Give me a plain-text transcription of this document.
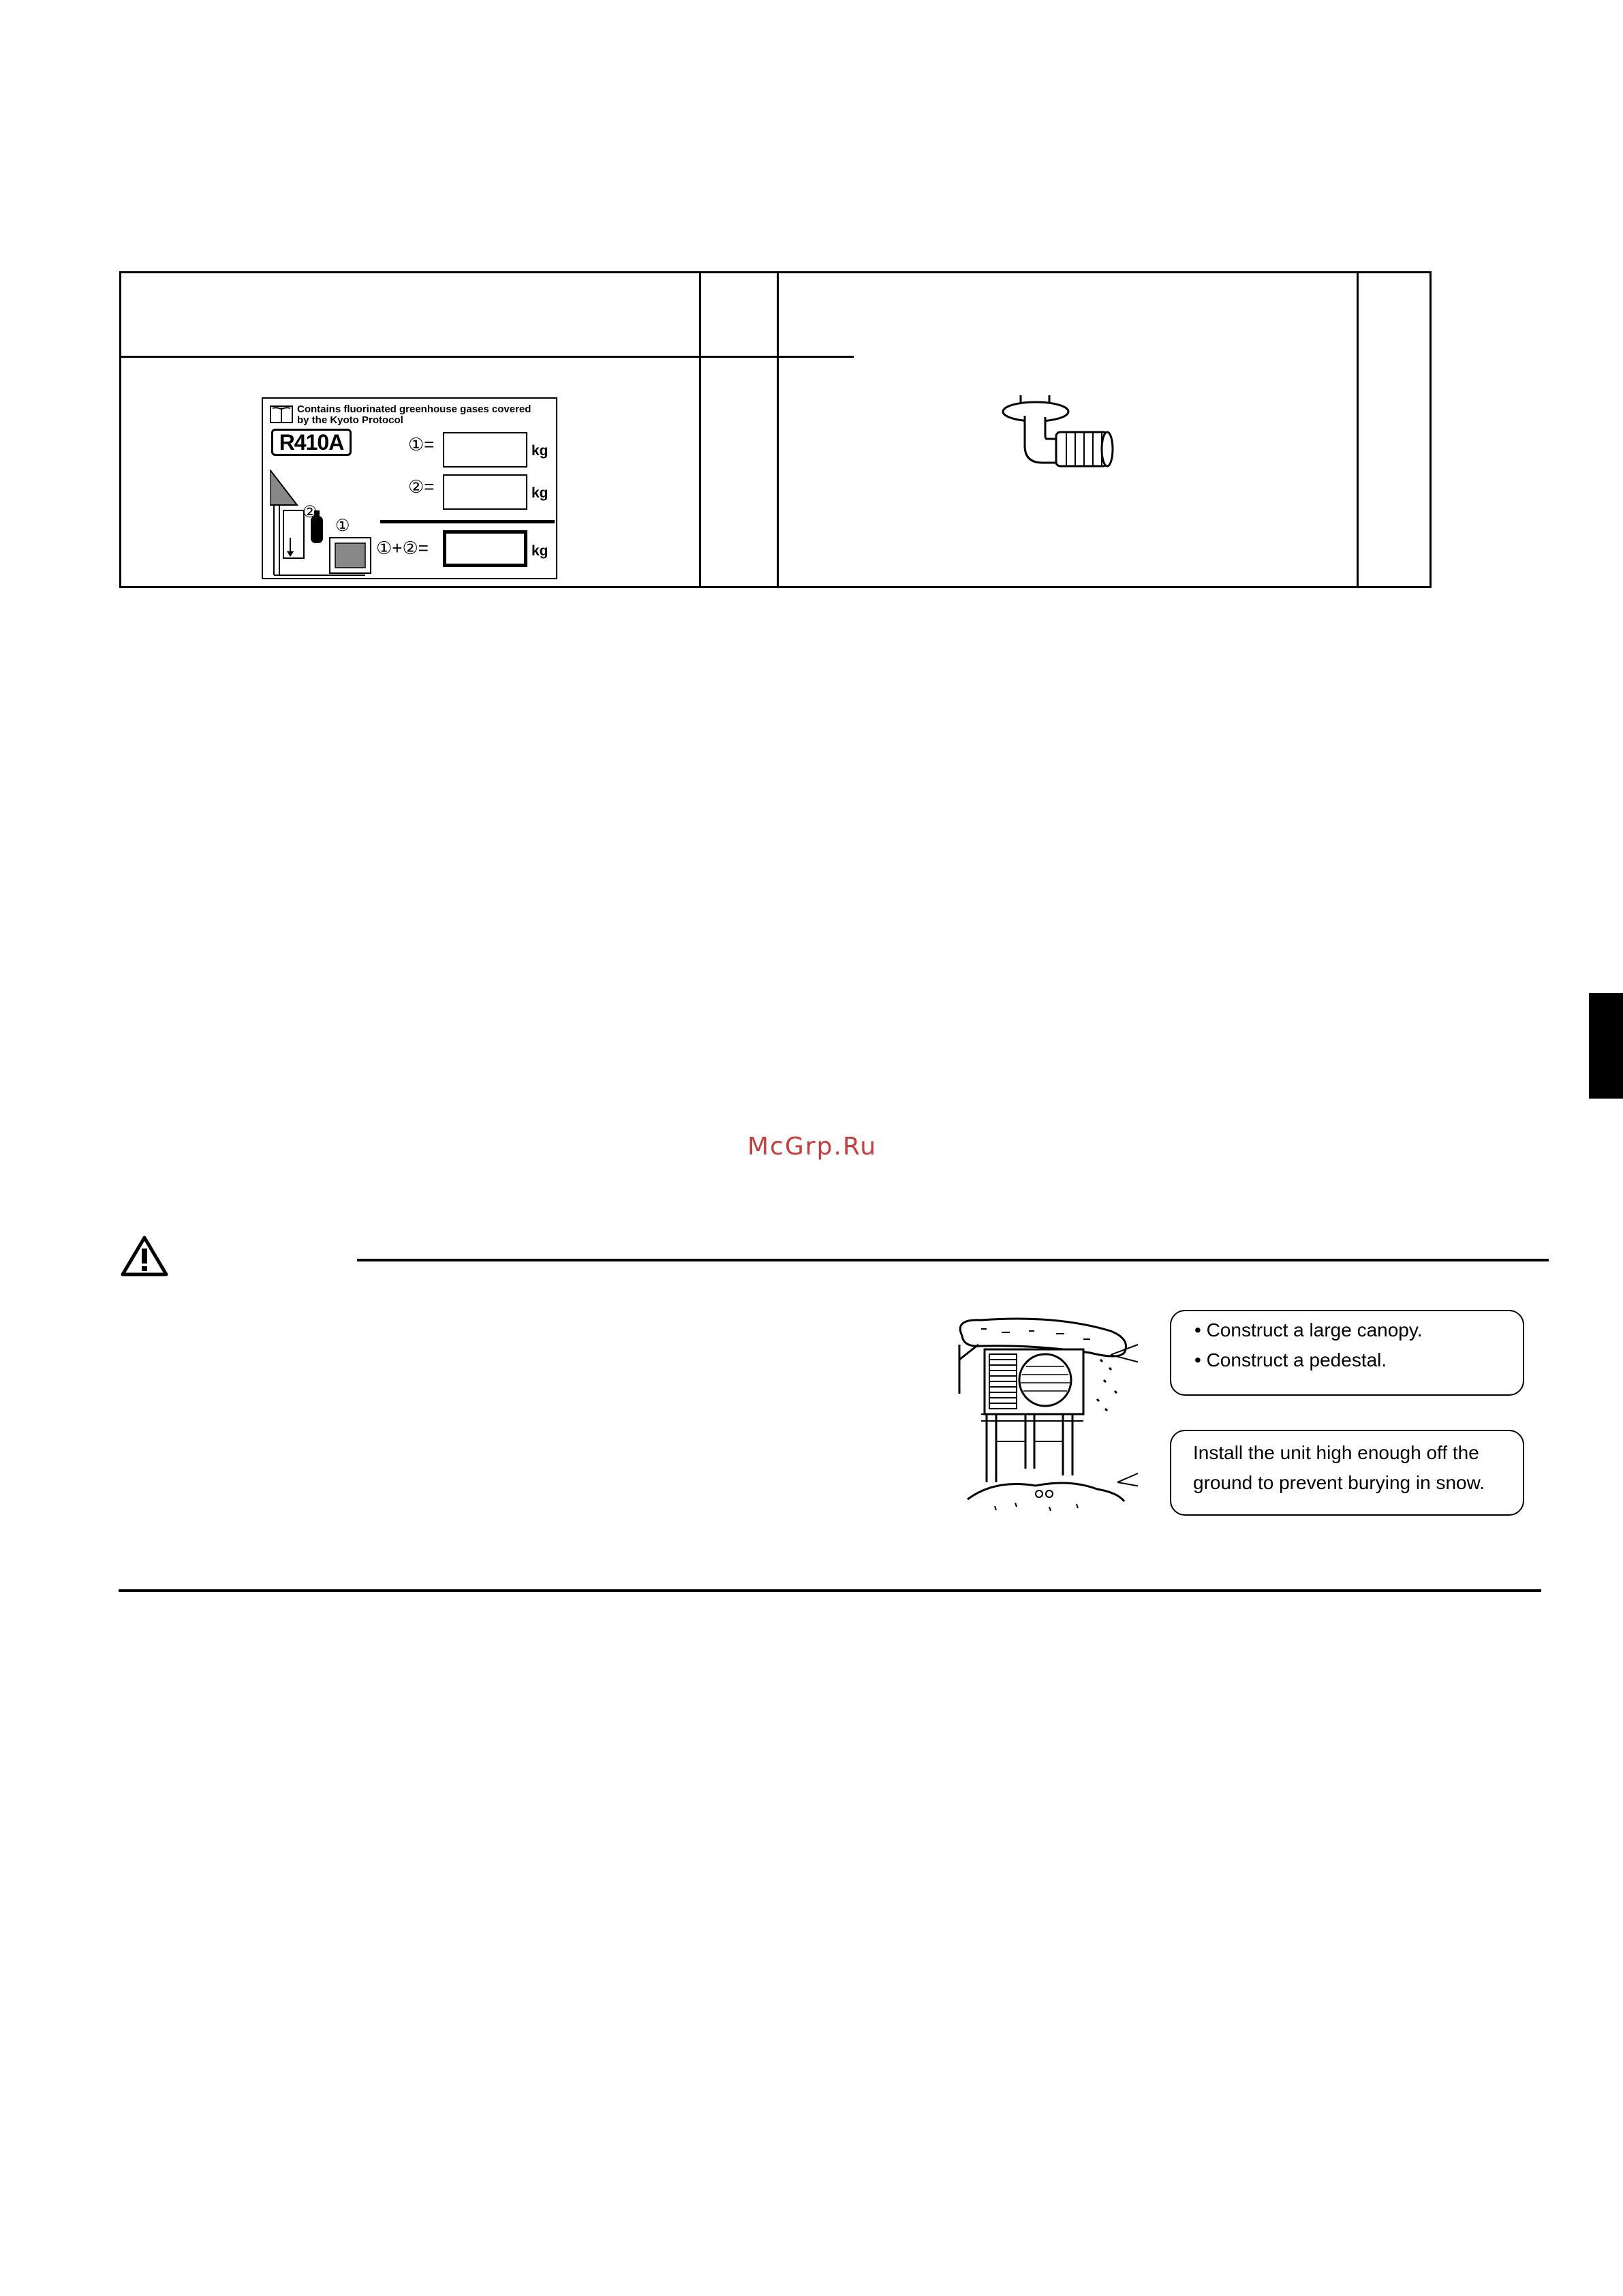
Contains fluorinated greenhouse gases covered
by the Kyoto Protocol
R410A	①=	kg
②=	kg
①+②=	kg
②
①
McGrp.Ru
• Construct a large canopy.
• Construct a pedestal.
Install the unit high enough off the
ground to prevent burying in snow.
